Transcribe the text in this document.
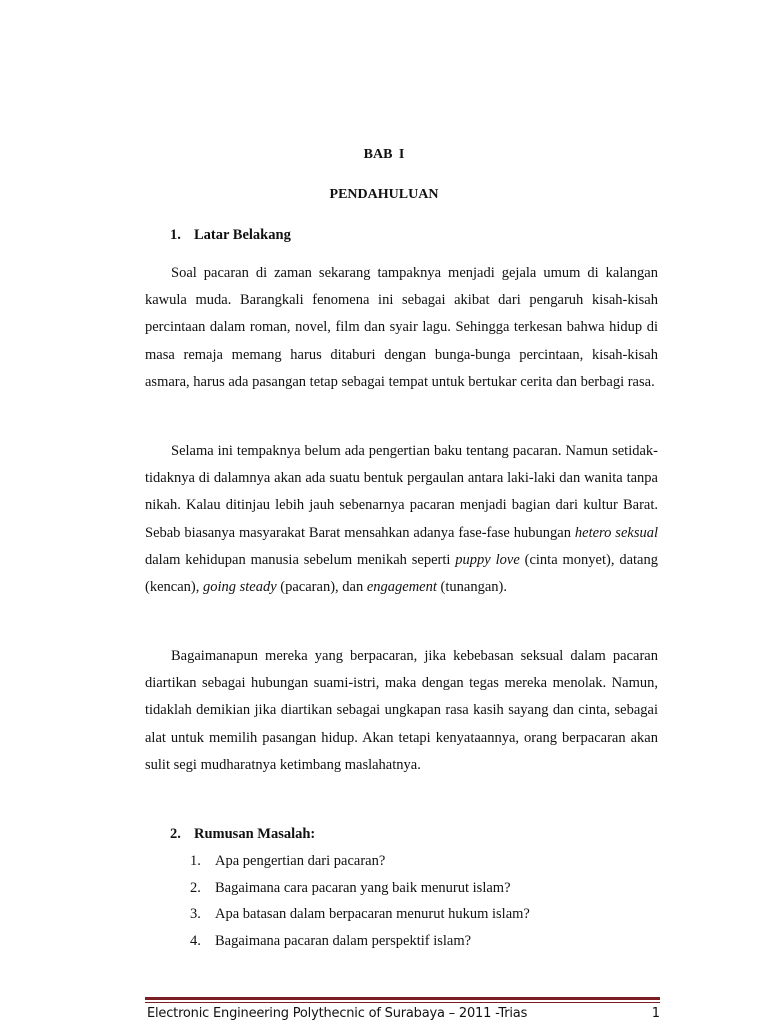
BAB I
PENDAHULUAN
1. Latar Belakang

Soal pacaran di zaman sekarang tampaknya menjadi gejala umum di kalangan kawula muda. Barangkali fenomena ini sebagai akibat dari pengaruh kisah-kisah percintaan dalam roman, novel, film dan syair lagu. Sehingga terkesan bahwa hidup di masa remaja memang harus ditaburi dengan bunga-bunga percintaan, kisah-kisah asmara, harus ada pasangan tetap sebagai tempat untuk bertukar cerita dan berbagi rasa.

Selama ini tempaknya belum ada pengertian baku tentang pacaran. Namun setidak-tidaknya di dalamnya akan ada suatu bentuk pergaulan antara laki-laki dan wanita tanpa nikah. Kalau ditinjau lebih jauh sebenarnya pacaran menjadi bagian dari kultur Barat. Sebab biasanya masyarakat Barat mensahkan adanya fase-fase hubungan hetero seksual dalam kehidupan manusia sebelum menikah seperti puppy love (cinta monyet), datang (kencan), going steady (pacaran), dan engagement (tunangan).

Bagaimanapun mereka yang berpacaran, jika kebebasan seksual dalam pacaran diartikan sebagai hubungan suami-istri, maka dengan tegas mereka menolak. Namun, tidaklah demikian jika diartikan sebagai ungkapan rasa kasih sayang dan cinta, sebagai alat untuk memilih pasangan hidup. Akan tetapi kenyataannya, orang berpacaran akan sulit segi mudharatnya ketimbang maslahatnya.

2. Rumusan Masalah:
1. Apa pengertian dari pacaran?
2. Bagaimana cara pacaran yang baik menurut islam?
3. Apa batasan dalam berpacaran menurut hukum islam?
4. Bagaimana pacaran dalam perspektif islam?
Electronic Engineering Polythecnic of Surabaya – 2011 -Trias	1
